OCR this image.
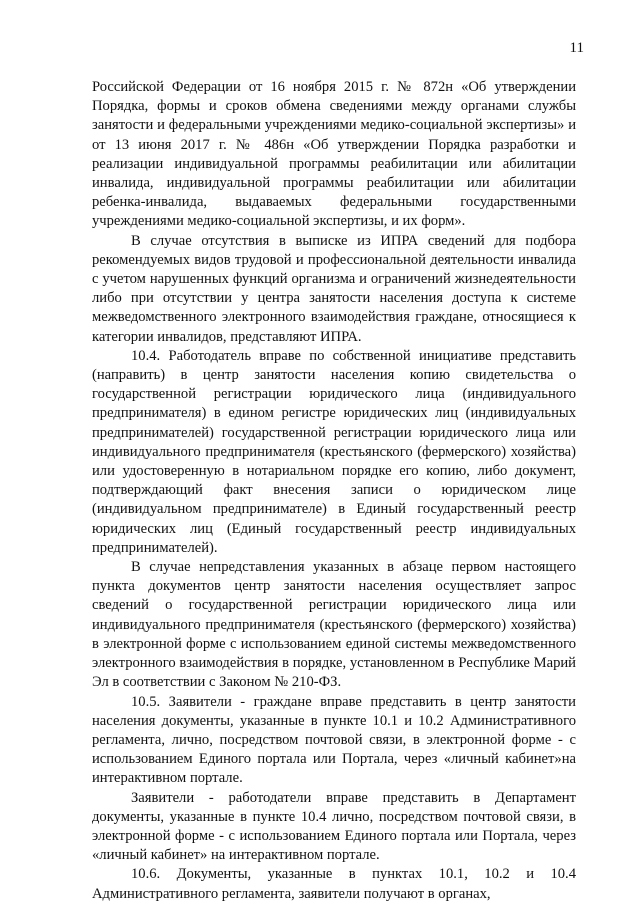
11

Российской Федерации от 16 ноября 2015 г. № 872н «Об утверждении Порядка, формы и сроков обмена сведениями между органами службы занятости и федеральными учреждениями медико-социальной экспертизы» и от 13 июня 2017 г. № 486н «Об утверждении Порядка разработки и реализации индивидуальной программы реабилитации или абилитации инвалида, индивидуальной программы реабилитации или абилитации ребенка-инвалида, выдаваемых федеральными государственными учреждениями медико-социальной экспертизы, и их форм».

В случае отсутствия в выписке из ИПРА сведений для подбора рекомендуемых видов трудовой и профессиональной деятельности инвалида с учетом нарушенных функций организма и ограничений жизнедеятельности либо при отсутствии у центра занятости населения доступа к системе межведомственного электронного взаимодействия граждане, относящиеся к категории инвалидов, представляют ИПРА.

10.4. Работодатель вправе по собственной инициативе представить (направить) в центр занятости населения копию свидетельства о государственной регистрации юридического лица (индивидуального предпринимателя) в едином регистре юридических лиц (индивидуальных предпринимателей) государственной регистрации юридического лица или индивидуального предпринимателя (крестьянского (фермерского) хозяйства) или удостоверенную в нотариальном порядке его копию, либо документ, подтверждающий факт внесения записи о юридическом лице (индивидуальном предпринимателе) в Единый государственный реестр юридических лиц (Единый государственный реестр индивидуальных предпринимателей).

В случае непредставления указанных в абзаце первом настоящего пункта документов центр занятости населения осуществляет запрос сведений о государственной регистрации юридического лица или индивидуального предпринимателя (крестьянского (фермерского) хозяйства) в электронной форме с использованием единой системы межведомственного электронного взаимодействия в порядке, установленном в Республике Марий Эл в соответствии с Законом № 210-ФЗ.

10.5. Заявители - граждане вправе представить в центр занятости населения документы, указанные в пункте 10.1 и 10.2 Административного регламента, лично, посредством почтовой связи, в электронной форме - с использованием Единого портала или Портала, через «личный кабинет»на интерактивном портале.

Заявители - работодатели вправе представить в Департамент документы, указанные в пункте 10.4 лично, посредством почтовой связи, в электронной форме - с использованием Единого портала или Портала, через «личный кабинет» на интерактивном портале.

10.6. Документы, указанные в пунктах 10.1, 10.2 и 10.4 Административного регламента, заявители получают в органах,
